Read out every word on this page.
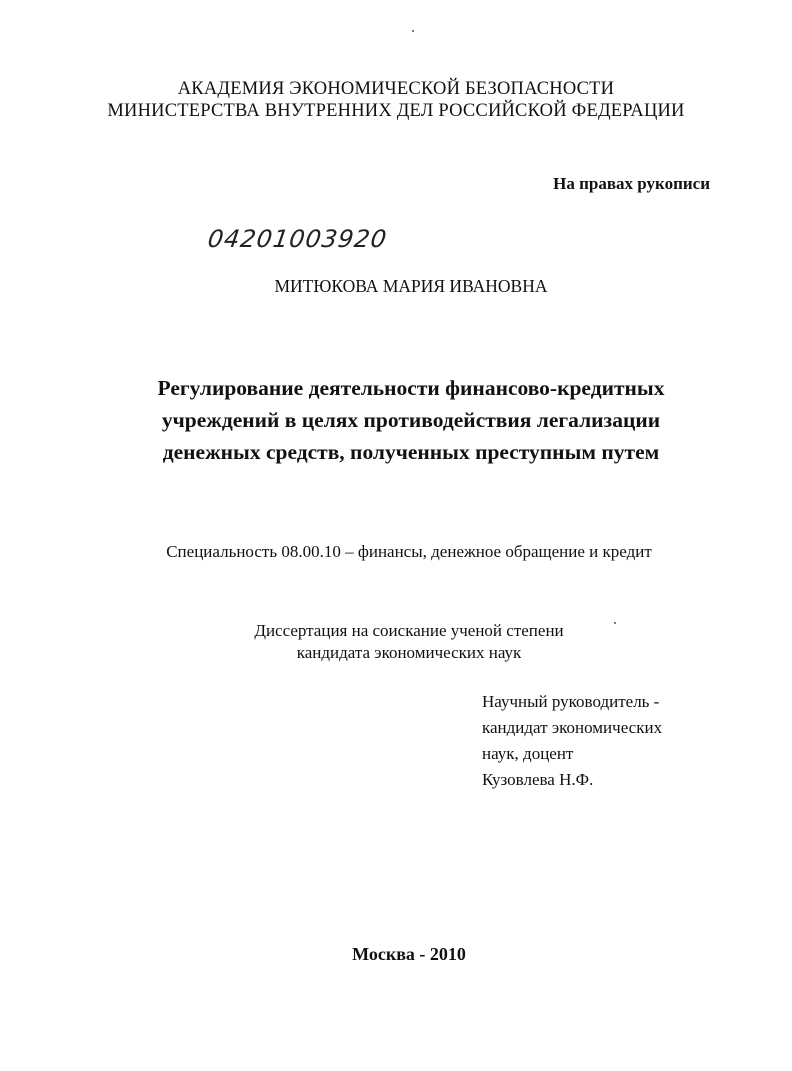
АКАДЕМИЯ ЭКОНОМИЧЕСКОЙ БЕЗОПАСНОСТИ
МИНИСТЕРСТВА ВНУТРЕННИХ ДЕЛ РОССИЙСКОЙ ФЕДЕРАЦИИ
На правах рукописи
04201003920
МИТЮКОВА МАРИЯ ИВАНОВНА
Регулирование деятельности финансово-кредитных
учреждений в целях противодействия легализации
денежных средств, полученных преступным путем
Специальность 08.00.10 – финансы, денежное обращение и кредит
Диссертация на соискание ученой степени
кандидата экономических наук
Научный руководитель -
кандидат экономических
наук, доцент
Кузовлева Н.Ф.
Москва - 2010
